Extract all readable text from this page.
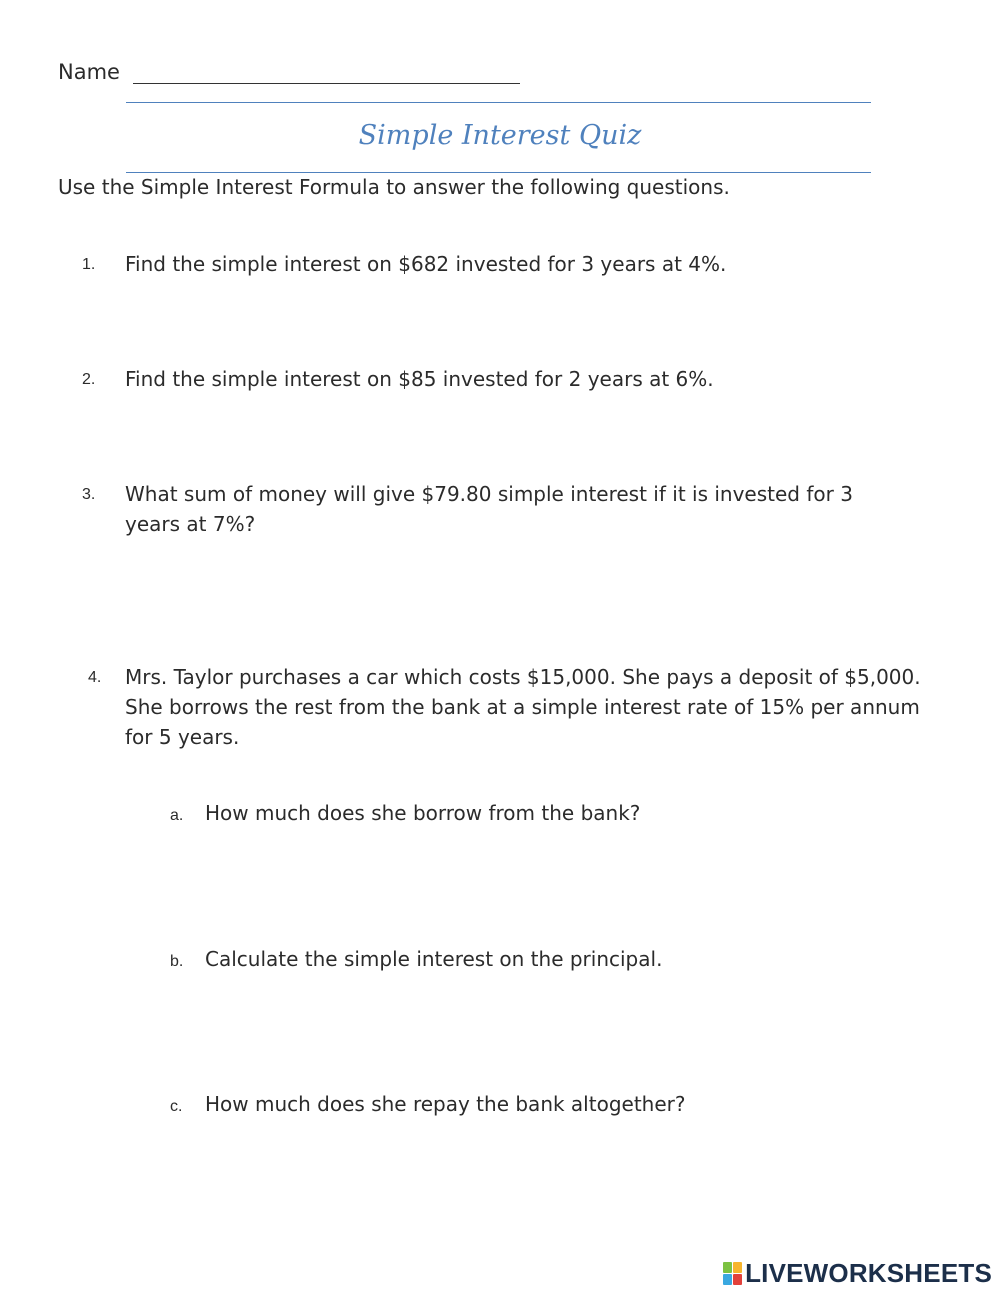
Name
Simple Interest Quiz
Use the Simple Interest Formula to answer the following questions.
1. Find the simple interest on $682 invested for 3 years at 4%.
2. Find the simple interest on $85 invested for 2 years at 6%.
3. What sum of money will give $79.80 simple interest if it is invested for 3 years at 7%?
4. Mrs. Taylor purchases a car which costs $15,000. She pays a deposit of $5,000. She borrows the rest from the bank at a simple interest rate of 15% per annum for 5 years.
a. How much does she borrow from the bank?
b. Calculate the simple interest on the principal.
c. How much does she repay the bank altogether?
LIVEWORKSHEETS
